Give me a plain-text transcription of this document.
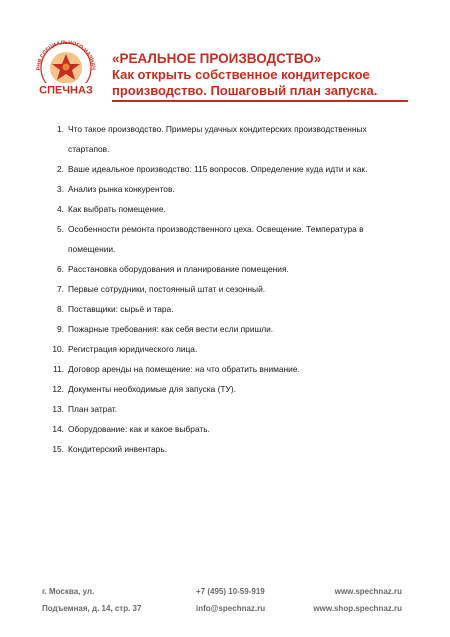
РНЯ СПЕЦИАЛЬНОГО НАЗНАЧ
СПЕЧНАЗ

«РЕАЛЬНОЕ ПРОИЗВОДСТВО»

Как открыть собственное кондитерское

производство. Пошаговый план запуска.

1. Что такое производство. Примеры удачных кондитерских производственных
стартапов.
2. Ваше идеальное производство: 115 вопросов. Определение куда идти и как.
3. Анализ рынка конкурентов.
4. Как выбрать помещение.
5. Особенности ремонта производственного цеха. Освещение. Температура в
помещении.
6. Расстановка оборудования и планирование помещения.
7. Первые сотрудники, постоянный штат и сезонный.
8. Поставщики: сырьё и тара.
9. Пожарные требования: как себя вести если пришли.
10. Регистрация юридического лица.
11. Договор аренды на помещение: на что обратить внимание.
12. Документы необходимые для запуска (ТУ).
13. План затрат.
14. Оборудование: как и какое выбрать.
15. Кондитерский инвентарь.
г. Москва, ул.
Подъемная, д. 14, стр. 37
+7 (495) 10-59-919
info@spechnaz.ru
www.spechnaz.ru
www.shop.spechnaz.ru
